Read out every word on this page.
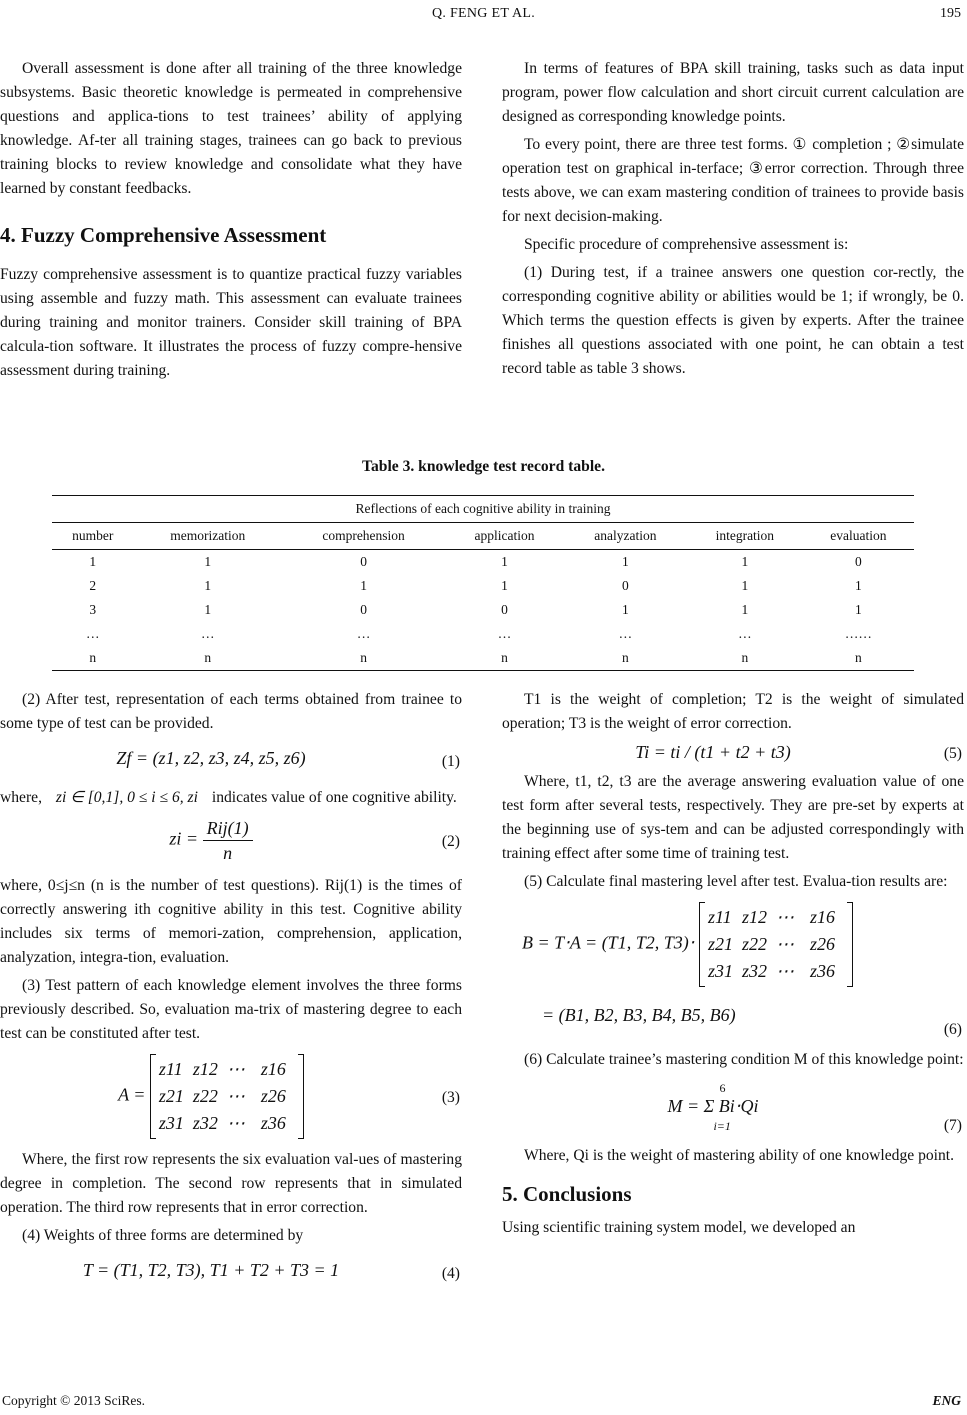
Q. FENG ET AL.	195

Overall assessment is done after all training of the three knowledge subsystems. Basic theoretic knowledge is permeated in comprehensive questions and applica-tions to test trainees’ ability of applying knowledge. Af-ter all training stages, trainees can go back to previous training blocks to review knowledge and consolidate what they have learned by constant feedbacks.

4. Fuzzy Comprehensive Assessment

Fuzzy comprehensive assessment is to quantize practical fuzzy variables using assemble and fuzzy math. This assessment can evaluate trainees during training and monitor trainers. Consider skill training of BPA calcula-tion software. It illustrates the process of fuzzy compre-hensive assessment during training.

In terms of features of BPA skill training, tasks such as data input program, power flow calculation and short circuit current calculation are designed as corresponding knowledge points.

To every point, there are three test forms. ① completion ; ②simulate operation test on graphical in-terface; ③error correction. Through three tests above, we can exam mastering condition of trainees to provide basis for next decision-making.

Specific procedure of comprehensive assessment is:

(1) During test, if a trainee answers one question cor-rectly, the corresponding cognitive ability or abilities would be 1; if wrongly, be 0. Which terms the question effects is given by experts. After the trainee finishes all questions associated with one point, he can obtain a test record table as table 3 shows.

Table 3. knowledge test record table.
Reflections of each cognitive ability in training						
number	memorization	comprehension	application	analyzation	integration	evaluation
1	1	0	1	1	1	0
2	1	1	1	0	1	1
3	1	0	0	1	1	1
…	…	…	…	…	…	……
n	n	n	n	n	n	n

(2) After test, representation of each terms obtained from trainee to some type of test can be provided.

Zf = (z1, z2, z3, z4, z5, z6)	(1)

where, zi ∈ [0,1], 0 ≤ i ≤ 6, zi indicates value of one cognitive ability.

zi = $\frac{\text{Rij(1)}}{n}$	(2)

where, 0≤j≤n (n is the number of test questions). Rij(1) is the times of correctly answering ith cognitive ability in this test. Cognitive ability includes six terms of memori-zation, comprehension, application, analyzation, integra-tion, evaluation.

(3) Test pattern of each knowledge element involves the three forms previously described. So, evaluation ma-trix of mastering degree to each test can be constituted after test.

A =
z11 z12 ⋯ z16
z21 z22 ⋯ z26
z31 z32 ⋯ z36
(3)

Where, the first row represents the six evaluation val-ues of mastering degree in completion. The second row represents that in simulated operation. The third row represents that in error correction.

(4) Weights of three forms are determined by

T = (T1, T2, T3), T1 + T2 + T3 = 1	(4)

T1 is the weight of completion; T2 is the weight of simulated operation; T3 is the weight of error correction.

Ti = ti / (t1 + t2 + t3)	(5)

Where, t1, t2, t3 are the average answering evaluation value of one test form after several tests, respectively. They are pre-set by experts at the beginning use of sys-tem and can be adjusted correspondingly with training effect after some time of training test.

(5) Calculate final mastering level after test. Evalua-tion results are:

B = T⋅A = (T1, T2, T3)⋅
z11 z12 ⋯ z16
z21 z22 ⋯ z26
z31 z32 ⋯ z36
= (B1, B2, B3, B4, B5, B6)
(6)

(6) Calculate trainee’s mastering condition M of this knowledge point:

6
M = Σ Bi⋅Qi
i=1	(7)

Where, Qi is the weight of mastering ability of one knowledge point.

5. Conclusions

Using scientific training system model, we developed an

Copyright © 2013 SciRes.	ENG
